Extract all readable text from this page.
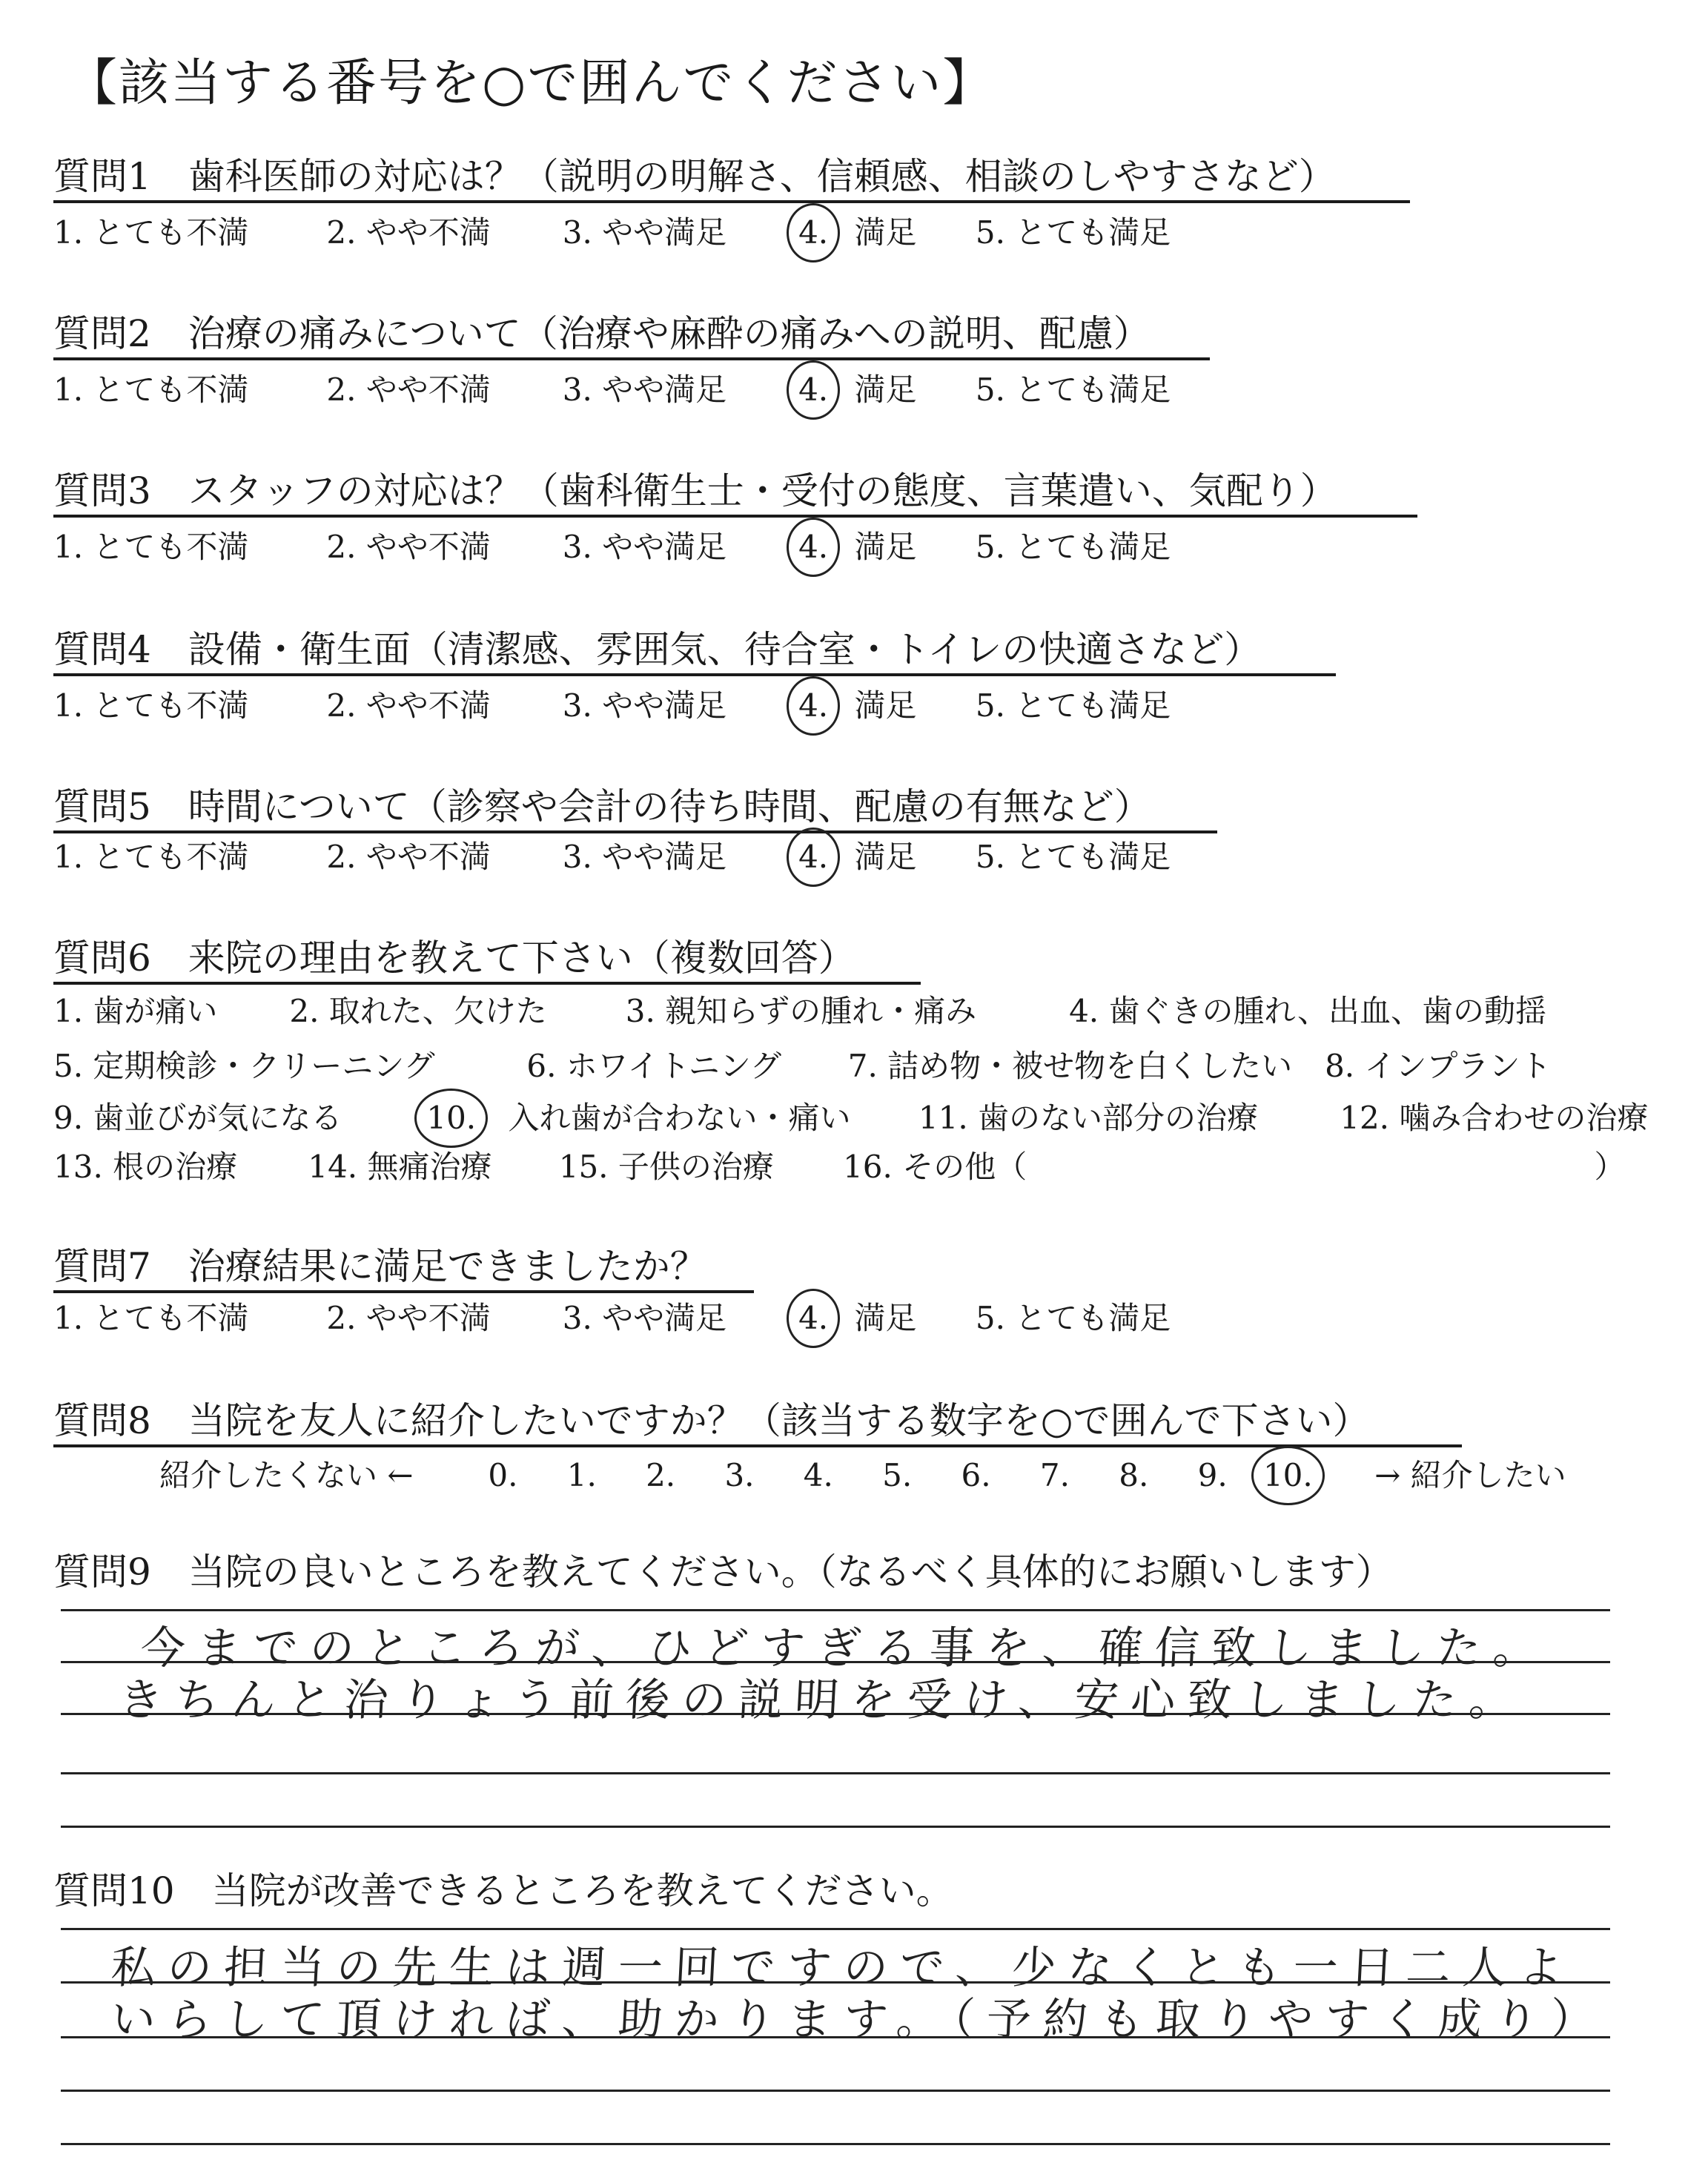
【該当する番号を○で囲んでください】
質問1　歯科医師の対応は？（説明の明解さ、信頼感、相談のしやすさなど）
1. とても不満 2. やや不満 3. やや満足 4. 満足 5. とても満足
質問2　治療の痛みについて（治療や麻酔の痛みへの説明、配慮）
1. とても不満 2. やや不満 3. やや満足 4. 満足 5. とても満足
質問3　スタッフの対応は？（歯科衛生士・受付の態度、言葉遣い、気配り）
1. とても不満 2. やや不満 3. やや満足 4. 満足 5. とても満足
質問4　設備・衛生面（清潔感、雰囲気、待合室・トイレの快適さなど）
1. とても不満 2. やや不満 3. やや満足 4. 満足 5. とても満足
質問5　時間について（診察や会計の待ち時間、配慮の有無など）
1. とても不満 2. やや不満 3. やや満足 4. 満足 5. とても満足
質問6　来院の理由を教えて下さい（複数回答）
1. 歯が痛い 2. 取れた、欠けた	3. 親知らずの腫れ・痛み	4. 歯ぐきの腫れ、出血、歯の動揺
5. 定期検診・クリーニング	6. ホワイトニング 7. 詰め物・被せ物を白くしたい 8. インプラント
9. 歯並びが気になる	10. 入れ歯が合わない・痛い 11. 歯のない部分の治療	12. 噛み合わせの治療
13. 根の治療 14. 無痛治療 15. 子供の治療 16. その他（	）
質問7　治療結果に満足できましたか？
1. とても不満 2. やや不満 3. やや満足 4. 満足 5. とても満足
質問8　当院を友人に紹介したいですか？（該当する数字を○で囲んで下さい）
紹介したくない ← 0. 1. 2. 3. 4. 5. 6. 7. 8. 9. 10. → 紹介したい
質問9　当院の良いところを教えてください。（なるべく具体的にお願いします）
今までのところが、ひどすぎる事を、確信致しました。
きちんと治りょう前後の説明を受け、安心致しました。
質問10　当院が改善できるところを教えてください。
私の担当の先生は週一回ですので、少なくとも一日二人よ
いらして頂ければ、助かります。（予約も取りやすく成り）
